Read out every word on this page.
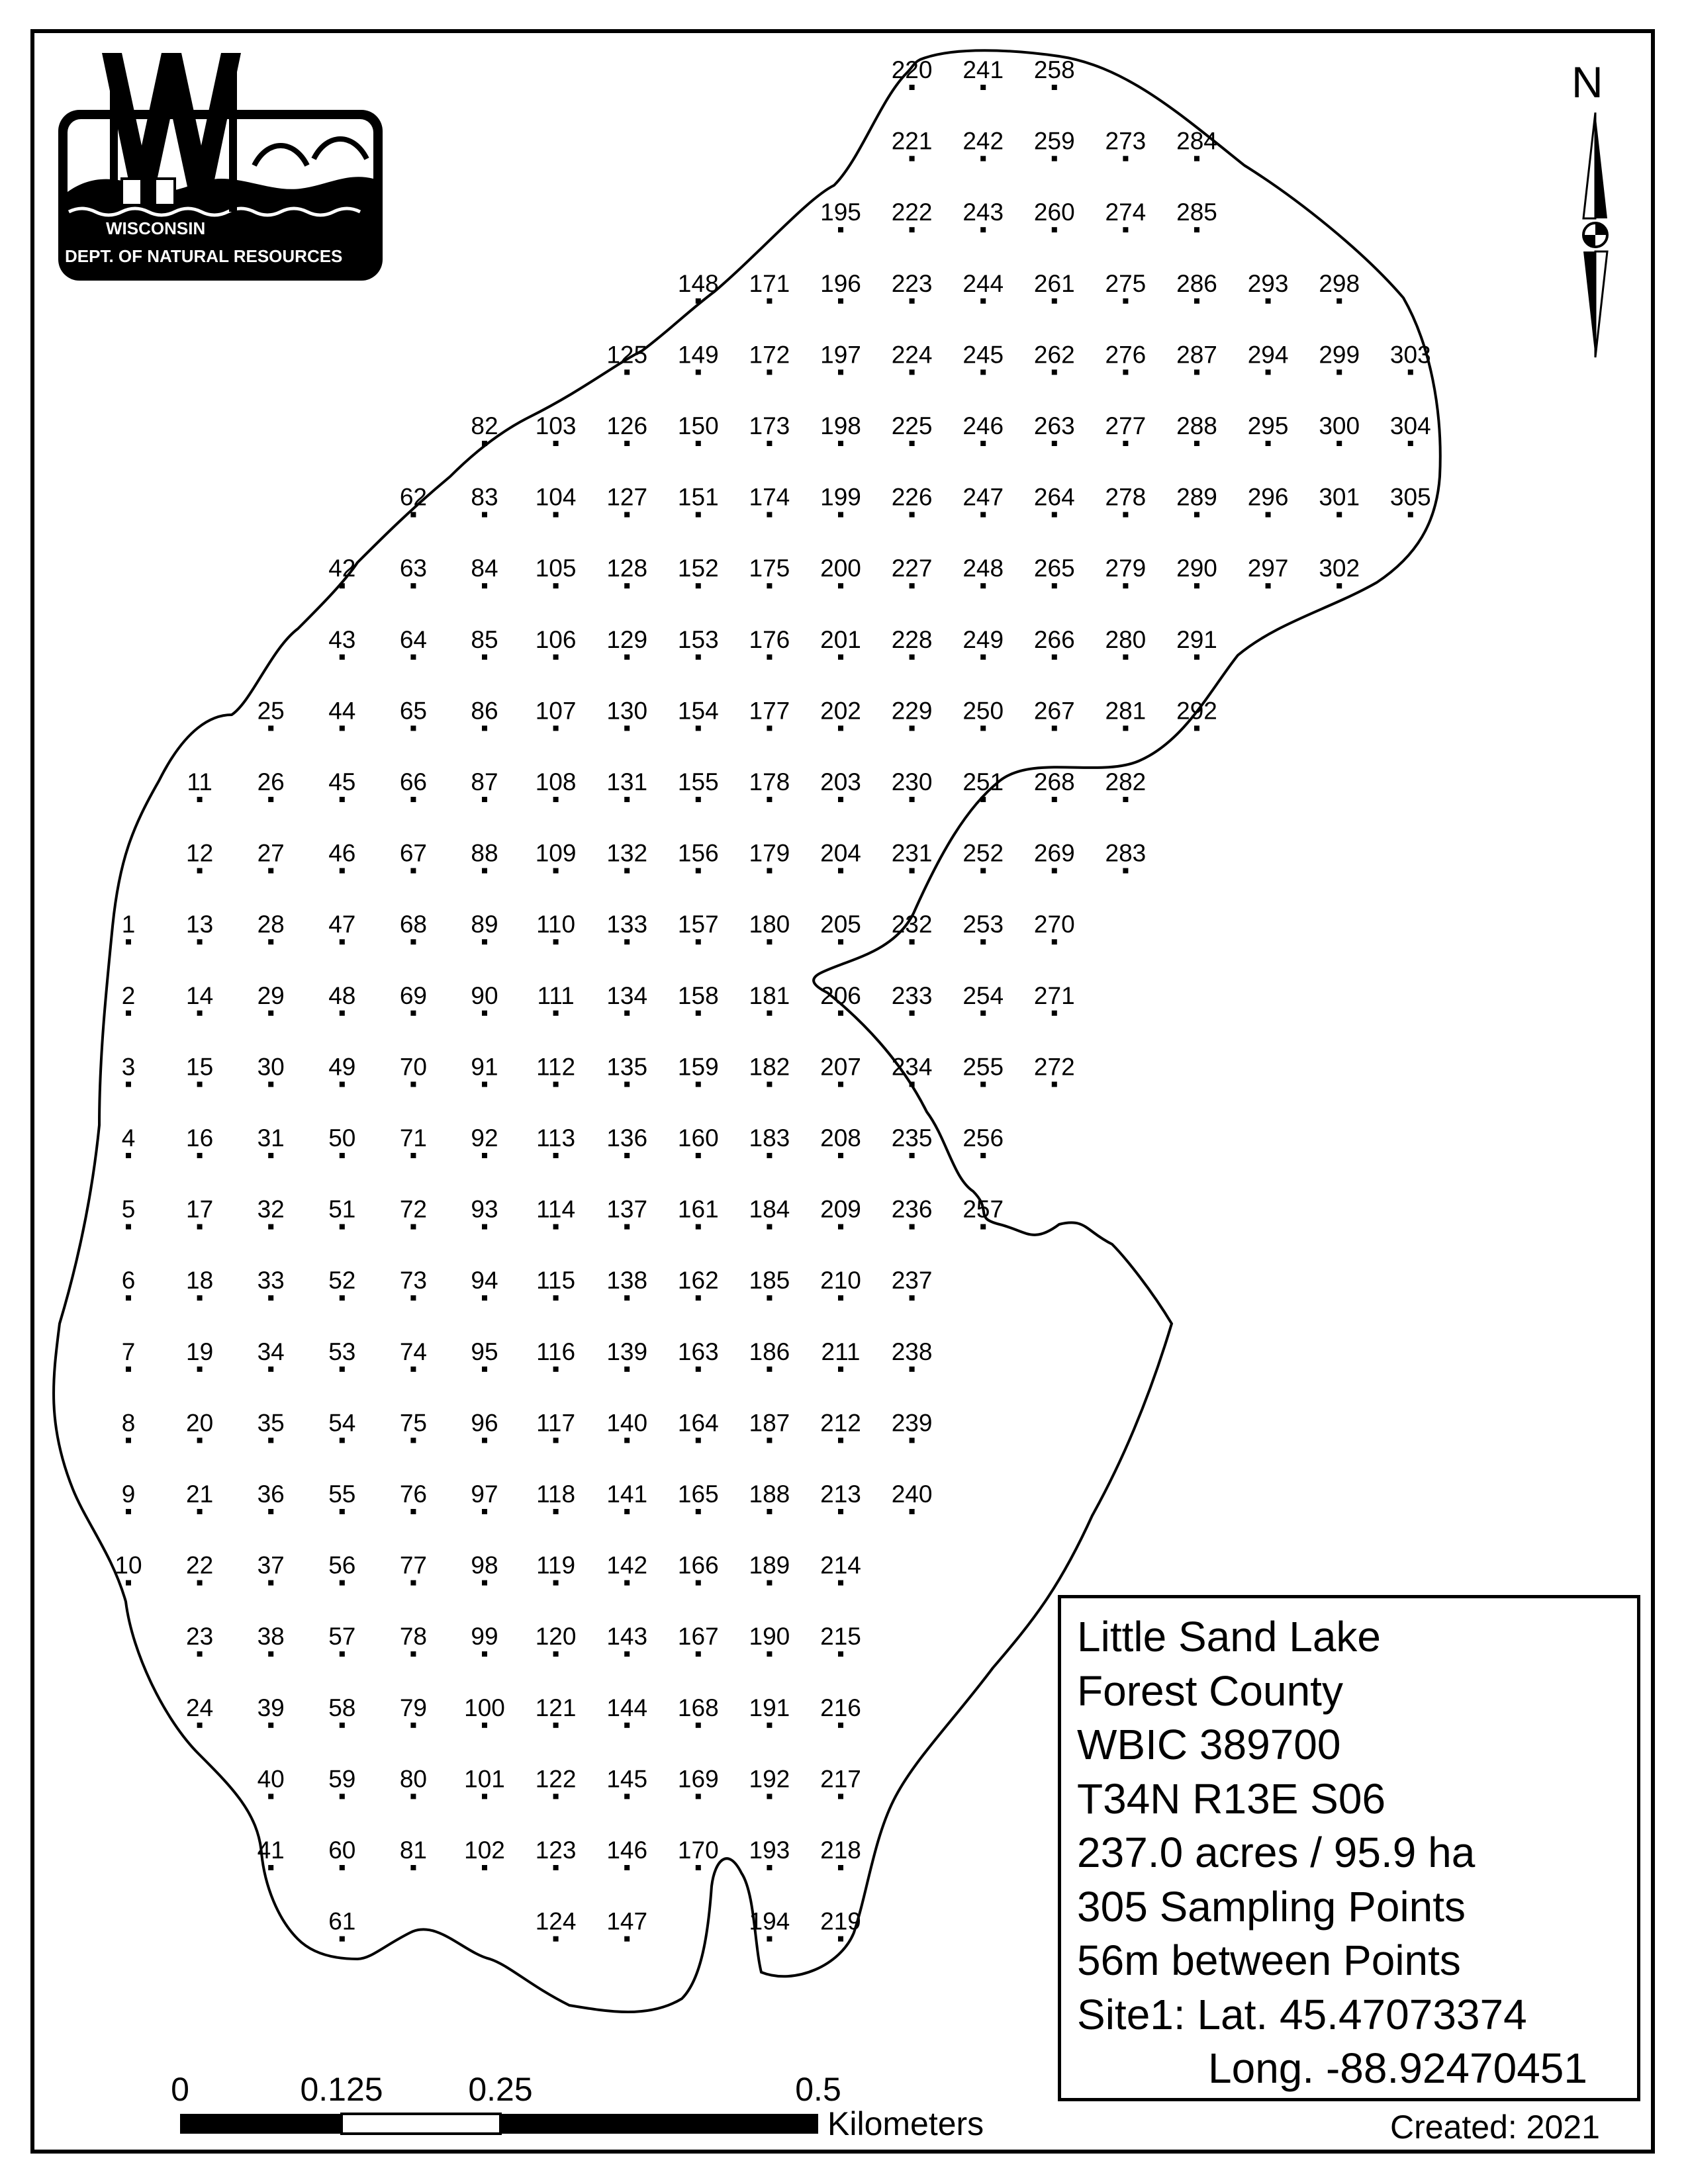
1
2
3
4
5
6
7
8
9
10
11
12
13
14
15
16
17
18
19
20
21
22
23
24
25
26
27
28
29
30
31
32
33
34
35
36
37
38
39
40
41
42
43
44
45
46
47
48
49
50
51
52
53
54
55
56
57
58
59
60
61
62
63
64
65
66
67
68
69
70
71
72
73
74
75
76
77
78
79
80
81
82
83
84
85
86
87
88
89
90
91
92
93
94
95
96
97
98
99
100
101
102
103
104
105
106
107
108
109
110
111
112
113
114
115
116
117
118
119
120
121
122
123
124
125
126
127
128
129
130
131
132
133
134
135
136
137
138
139
140
141
142
143
144
145
146
147
148
149
150
151
152
153
154
155
156
157
158
159
160
161
162
163
164
165
166
167
168
169
170
171
172
173
174
175
176
177
178
179
180
181
182
183
184
185
186
187
188
189
190
191
192
193
194
195
196
197
198
199
200
201
202
203
204
205
206
207
208
209
210
211
212
213
214
215
216
217
218
219
220
221
222
223
224
225
226
227
228
229
230
231
232
233
234
235
236
237
238
239
240
241
242
243
244
245
246
247
248
249
250
251
252
253
254
255
256
257
258
259
260
261
262
263
264
265
266
267
268
269
270
271
272
273
274
275
276
277
278
279
280
281
282
283
284
285
286
287
288
289
290
291
292
293
294
295
296
297
298
299
300
301
302
303
304
305
WISCONSIN
DEPT. OF NATURAL RESOURCES
N
Little Sand Lake
Forest County
WBIC 389700
T34N R13E S06
237.0 acres / 95.9 ha
305 Sampling Points
56m between Points
Site1: Lat. 45.47073374
Long. -88.92470451
Created: 2021
0	0.125	0.25	0.5
Kilometers
